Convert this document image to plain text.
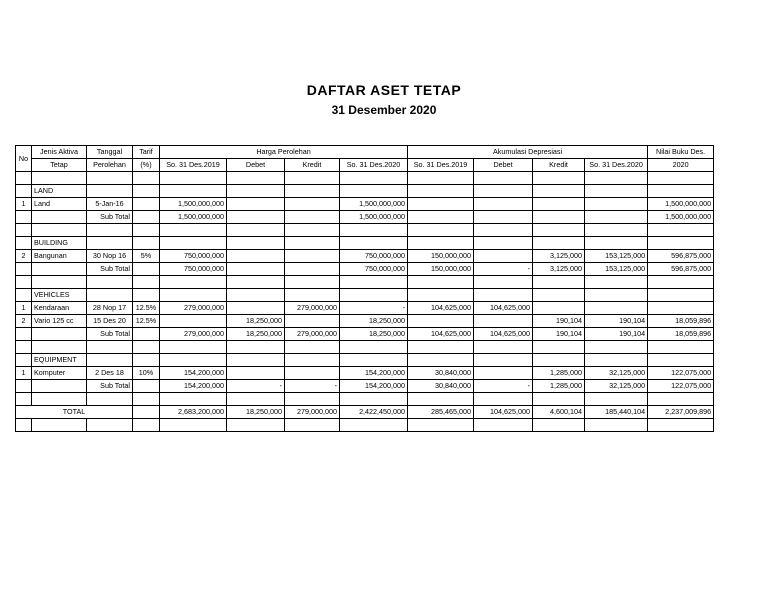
DAFTAR ASET TETAP
31 Desember 2020
No	Jenis Aktiva	Tanggal	Tarif	Harga Perolehan				Akumulasi Depresiasi				Nilai Buku Des.
	Tetap	Perolehan	(%)	So. 31 Des.2019	Debet	Kredit	So. 31 Des.2020	So. 31 Des.2019	Debet	Kredit	So. 31 Des.2020	2020

	LAND											
1	Land	5-Jan-16		1,500,000,000			1,500,000,000					1,500,000,000
		Sub Total		1,500,000,000			1,500,000,000					1,500,000,000

	BUILDING											
2	Bangunan	30 Nop 16	5%	750,000,000			750,000,000	150,000,000		3,125,000	153,125,000	596,875,000
		Sub Total		750,000,000			750,000,000	150,000,000	-	3,125,000	153,125,000	596,875,000

	VEHICLES											
1	Kendaraan	28 Nop 17	12.5%	279,000,000		279,000,000	-	104,625,000	104,625,000			
2	Vario 125 cc	15 Des 20	12.5%		18,250,000		18,250,000			190,104	190,104	18,059,896
		Sub Total		279,000,000	18,250,000	279,000,000	18,250,000	104,625,000	104,625,000	190,104	190,104	18,059,896

	EQUIPMENT											
1	Komputer	2 Des 18	10%	154,200,000			154,200,000	30,840,000		1,285,000	32,125,000	122,075,000
		Sub Total		154,200,000	-	-	154,200,000	30,840,000	-	1,285,000	32,125,000	122,075,000

TOTAL				2,683,200,000	18,250,000	279,000,000	2,422,450,000	285,465,000	104,625,000	4,600,104	185,440,104	2,237,009,896
